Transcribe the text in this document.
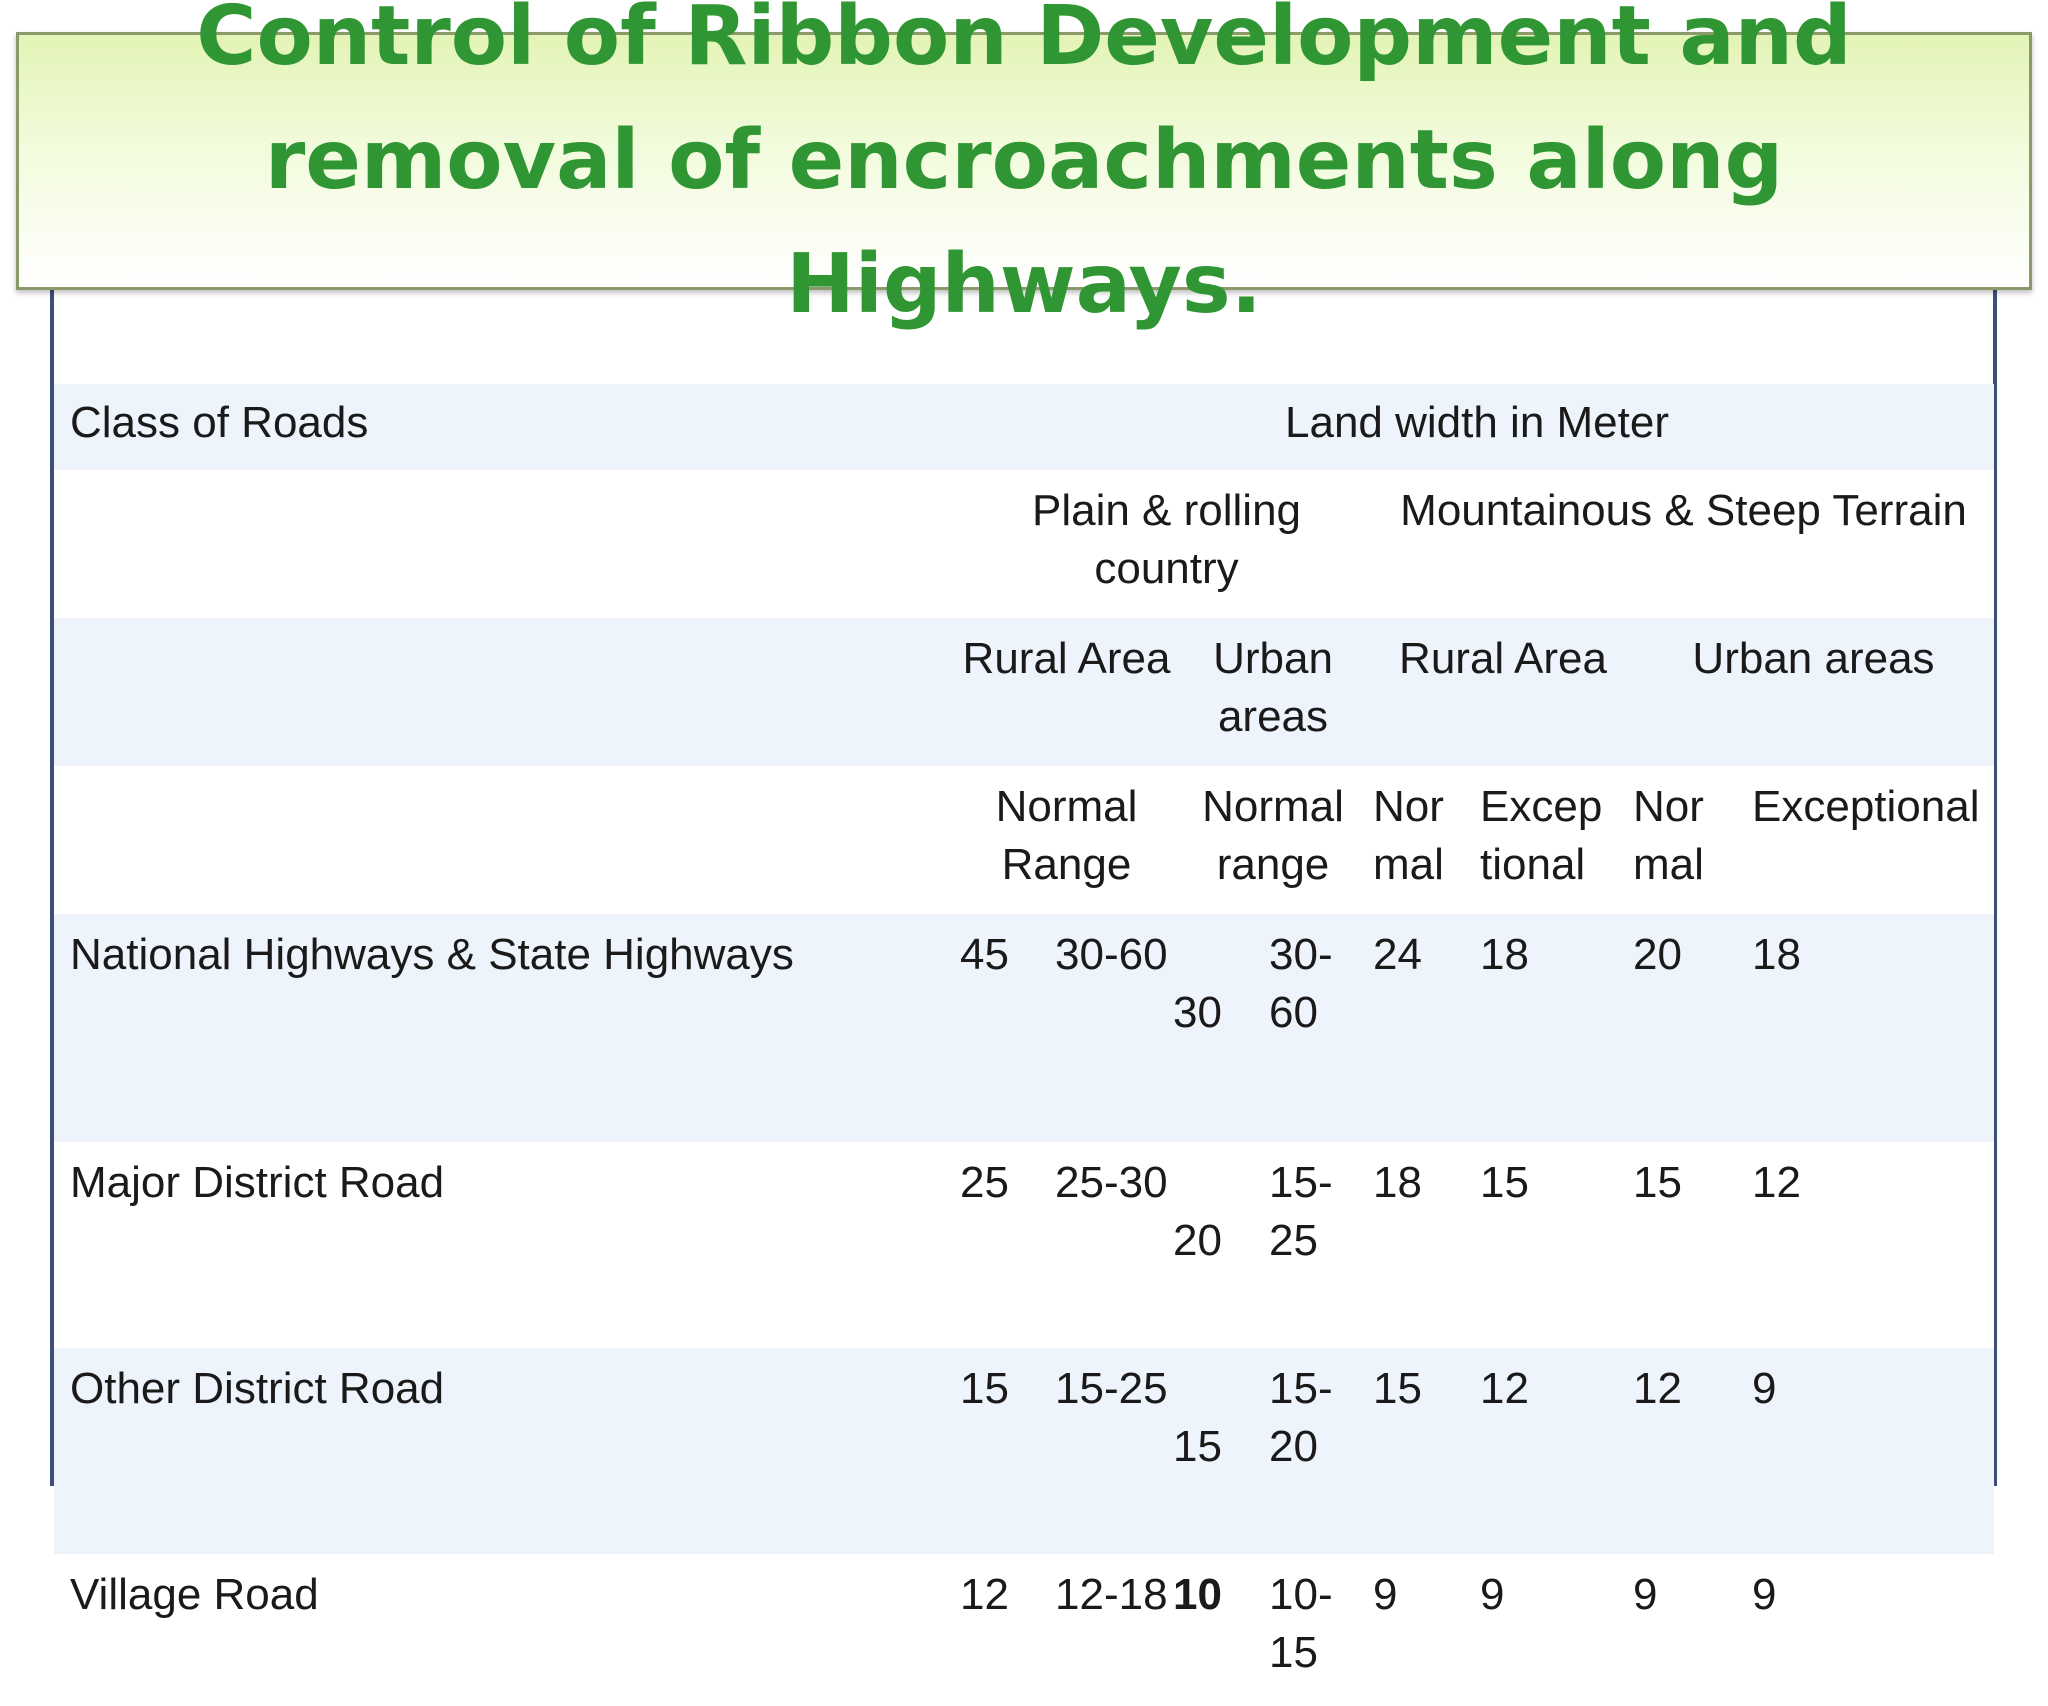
Control of Ribbon Development and removal of encroachments along Highways.
Class of Roads	Land width in Meter							
	Plain & rolling country				Mountainous & Steep Terrain			
	Rural Area		Urban areas		Rural Area		Urban areas	
	Normal Range		Normal range		Nor mal	Excep tional	Nor mal	Exceptional
National Highways & State Highways	45	30-60	30	30-60	24	18	20	18
Major District Road	25	25-30	20	15-25	18	15	15	12
Other District Road	15	15-25	15	15-20	15	12	12	9
Village Road	12	12-18	10	10-15	9	9	9	9
